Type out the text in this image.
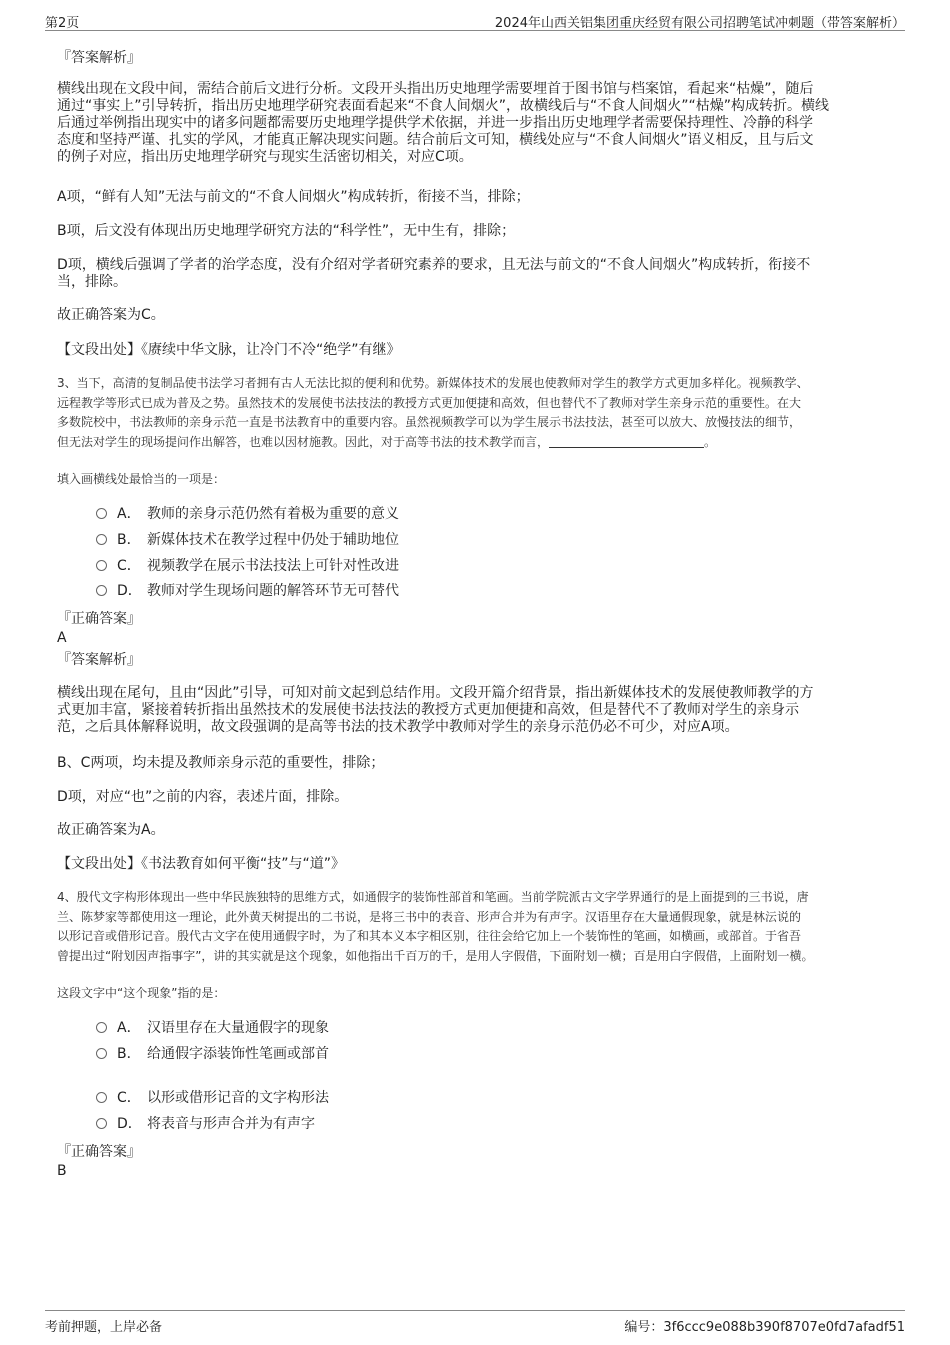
第2页	2024年山西关铝集团重庆经贸有限公司招聘笔试冲刺题（带答案解析）
『答案解析』
横线出现在文段中间，需结合前后文进行分析。文段开头指出历史地理学需要埋首于图书馆与档案馆，看起来“枯燥”，随后
通过“事实上”引导转折，指出历史地理学研究表面看起来“不食人间烟火”，故横线后与“不食人间烟火”“枯燥”构成转折。横线
后通过举例指出现实中的诸多问题都需要历史地理学提供学术依据，并进一步指出历史地理学者需要保持理性、冷静的科学
态度和坚持严谨、扎实的学风，才能真正解决现实问题。结合前后文可知，横线处应与“不食人间烟火”语义相反，且与后文
的例子对应，指出历史地理学研究与现实生活密切相关，对应C项。
A项，“鲜有人知”无法与前文的“不食人间烟火”构成转折，衔接不当，排除；
B项，后文没有体现出历史地理学研究方法的“科学性”，无中生有，排除；
D项，横线后强调了学者的治学态度，没有介绍对学者研究素养的要求，且无法与前文的“不食人间烟火”构成转折，衔接不
当，排除。
故正确答案为C。
【文段出处】《赓续中华文脉，让冷门不冷“绝学”有继》
3、当下，高清的复制品使书法学习者拥有古人无法比拟的便利和优势。新媒体技术的发展也使教师对学生的教学方式更加多样化。视频教学、
远程教学等形式已成为普及之势。虽然技术的发展使书法技法的教授方式更加便捷和高效，但也替代不了教师对学生亲身示范的重要性。在大
多数院校中，书法教师的亲身示范一直是书法教育中的重要内容。虽然视频教学可以为学生展示书法技法，甚至可以放大、放慢技法的细节，
但无法对学生的现场提问作出解答，也难以因材施教。因此，对于高等书法的技术教学而言，	。
填入画横线处最恰当的一项是：
A． 教师的亲身示范仍然有着极为重要的意义
B． 新媒体技术在教学过程中仍处于辅助地位
C． 视频教学在展示书法技法上可针对性改进
D． 教师对学生现场问题的解答环节无可替代
『正确答案』
A
『答案解析』
横线出现在尾句，且由“因此”引导，可知对前文起到总结作用。文段开篇介绍背景，指出新媒体技术的发展使教师教学的方
式更加丰富，紧接着转折指出虽然技术的发展使书法技法的教授方式更加便捷和高效，但是替代不了教师对学生的亲身示
范，之后具体解释说明，故文段强调的是高等书法的技术教学中教师对学生的亲身示范仍必不可少，对应A项。
B、C两项，均未提及教师亲身示范的重要性，排除；
D项，对应“也”之前的内容，表述片面，排除。
故正确答案为A。
【文段出处】《书法教育如何平衡“技”与“道”》
4、殷代文字构形体现出一些中华民族独特的思维方式，如通假字的装饰性部首和笔画。当前学院派古文字学界通行的是上面提到的三书说，唐
兰、陈梦家等都使用这一理论，此外黄天树提出的二书说，是将三书中的表音、形声合并为有声字。汉语里存在大量通假现象，就是林沄说的
以形记音或借形记音。殷代古文字在使用通假字时，为了和其本义本字相区别，往往会给它加上一个装饰性的笔画，如横画，或部首。于省吾
曾提出过“附划因声指事字”，讲的其实就是这个现象，如他指出千百万的千，是用人字假借，下面附划一横；百是用白字假借，上面附划一横。
这段文字中“这个现象”指的是：
A． 汉语里存在大量通假字的现象
B． 给通假字添装饰性笔画或部首
C． 以形或借形记音的文字构形法
D． 将表音与形声合并为有声字
『正确答案』
B
考前押题，上岸必备	编号：3f6ccc9e088b390f8707e0fd7afadf51
